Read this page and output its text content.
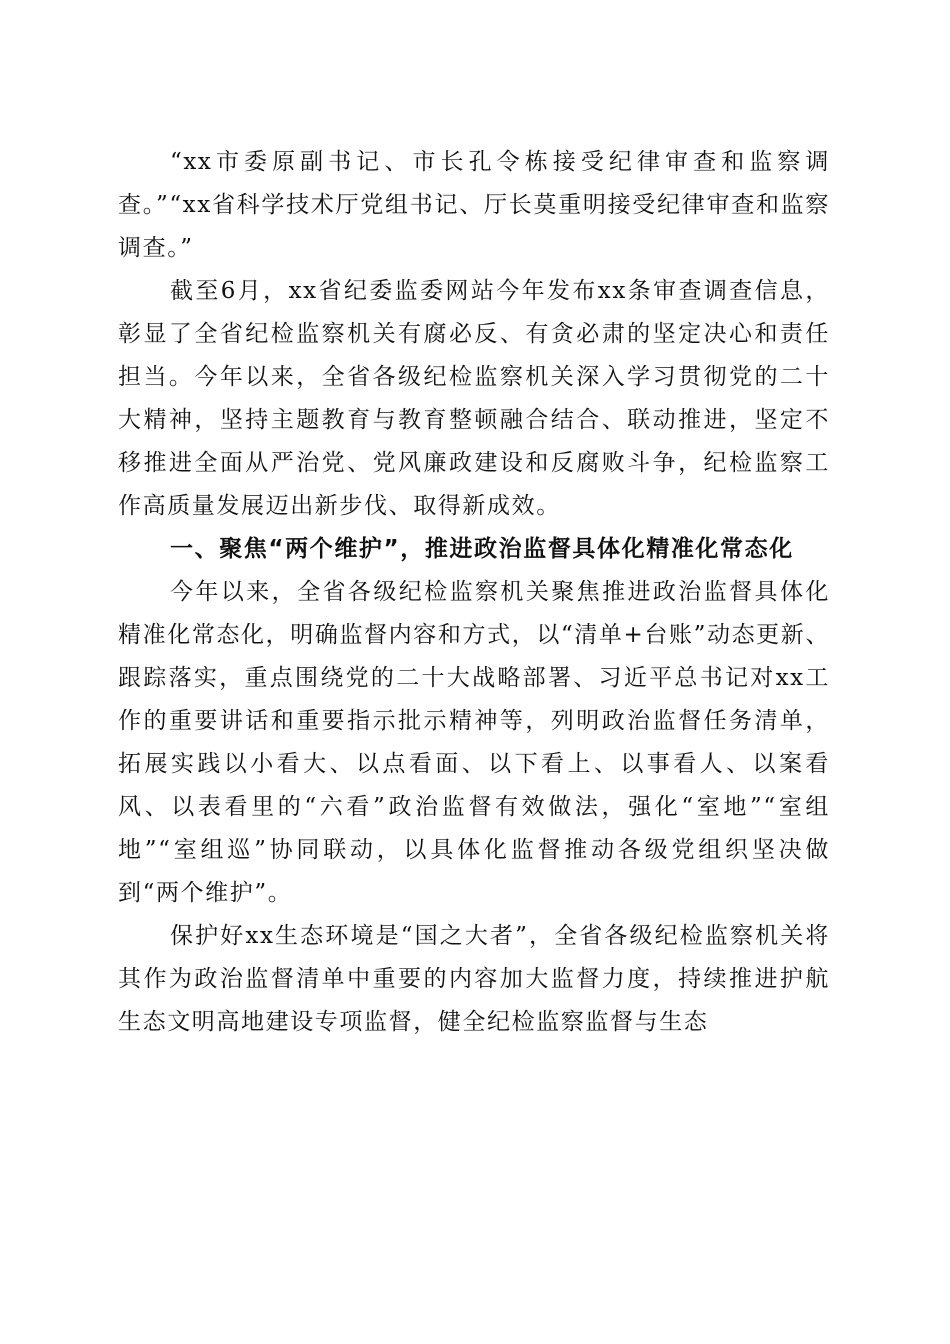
“xx市委原副书记、市长孔令栋接受纪律审查和监察调查。”“xx省科学技术厅党组书记、厅长莫重明接受纪律审查和监察调查。”

截至6月，xx省纪委监委网站今年发布xx条审查调查信息，彰显了全省纪检监察机关有腐必反、有贪必肃的坚定决心和责任担当。今年以来，全省各级纪检监察机关深入学习贯彻党的二十大精神，坚持主题教育与教育整顿融合结合、联动推进，坚定不移推进全面从严治党、党风廉政建设和反腐败斗争，纪检监察工作高质量发展迈出新步伐、取得新成效。

一、聚焦“两个维护”，推进政治监督具体化精准化常态化

今年以来，全省各级纪检监察机关聚焦推进政治监督具体化精准化常态化，明确监督内容和方式，以“清单+台账”动态更新、跟踪落实，重点围绕党的二十大战略部署、习近平总书记对xx工作的重要讲话和重要指示批示精神等，列明政治监督任务清单，拓展实践以小看大、以点看面、以下看上、以事看人、以案看风、以表看里的“六看”政治监督有效做法，强化“室地”“室组地”“室组巡”协同联动，以具体化监督推动各级党组织坚决做到“两个维护”。

保护好xx生态环境是“国之大者”，全省各级纪检监察机关将其作为政治监督清单中重要的内容加大监督力度，持续推进护航生态文明高地建设专项监督，健全纪检监察监督与生态
